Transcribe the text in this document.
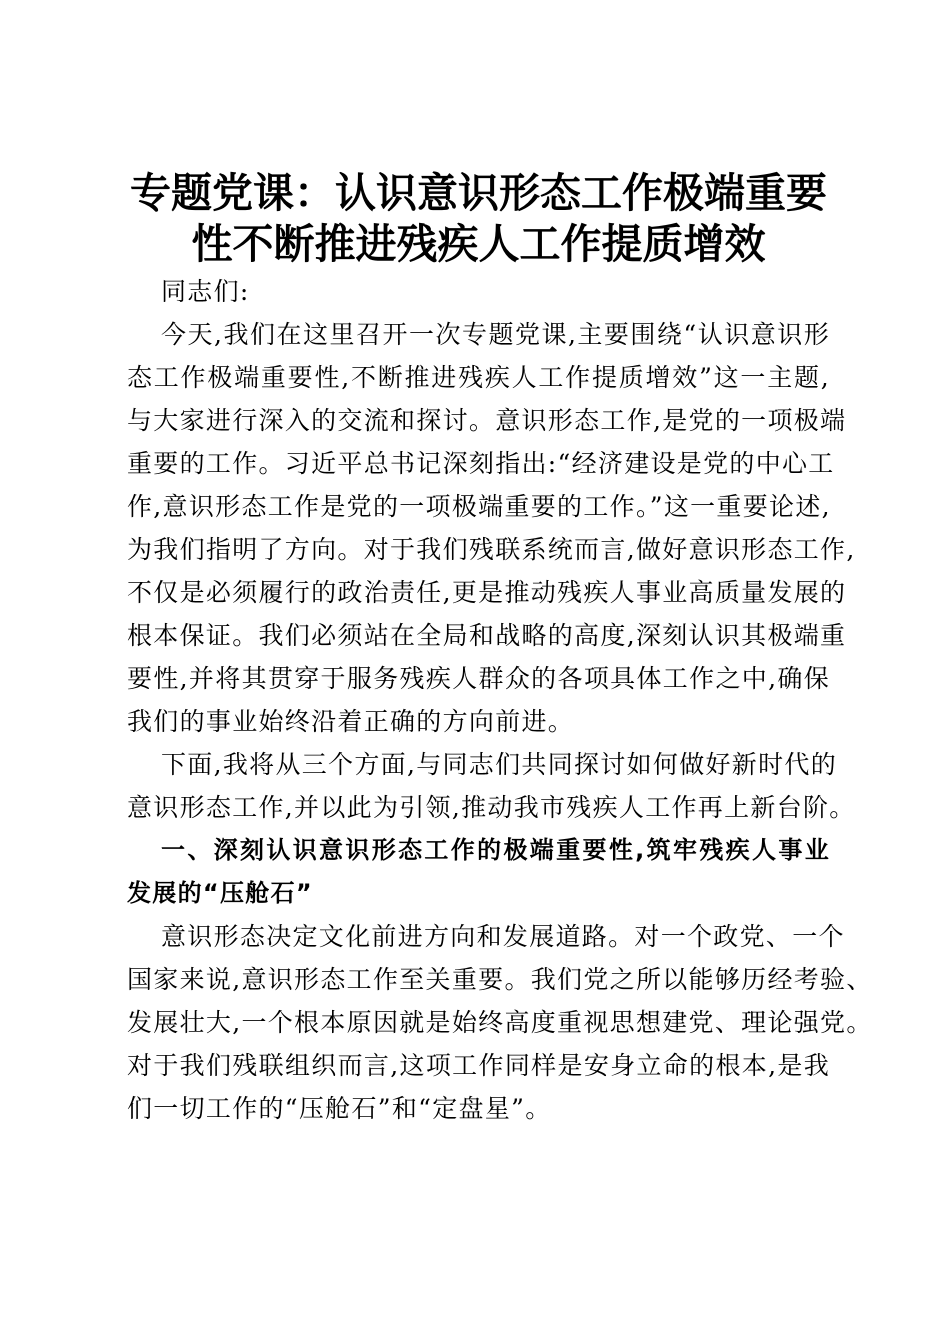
专题党课：认识意识形态工作极端重要
性不断推进残疾人工作提质增效
同志们:
今天,我们在这里召开一次专题党课,主要围绕“认识意识形
态工作极端重要性,不断推进残疾人工作提质增效”这一主题,
与大家进行深入的交流和探讨。意识形态工作,是党的一项极端
重要的工作。习近平总书记深刻指出:“经济建设是党的中心工
作,意识形态工作是党的一项极端重要的工作。”这一重要论述,
为我们指明了方向。对于我们残联系统而言,做好意识形态工作,
不仅是必须履行的政治责任,更是推动残疾人事业高质量发展的
根本保证。我们必须站在全局和战略的高度,深刻认识其极端重
要性,并将其贯穿于服务残疾人群众的各项具体工作之中,确保
我们的事业始终沿着正确的方向前进。
下面,我将从三个方面,与同志们共同探讨如何做好新时代的
意识形态工作,并以此为引领,推动我市残疾人工作再上新台阶。
一、深刻认识意识形态工作的极端重要性,筑牢残疾人事业
发展的“压舱石”
意识形态决定文化前进方向和发展道路。对一个政党、一个
国家来说,意识形态工作至关重要。我们党之所以能够历经考验、
发展壮大,一个根本原因就是始终高度重视思想建党、理论强党。
对于我们残联组织而言,这项工作同样是安身立命的根本,是我
们一切工作的“压舱石”和“定盘星”。
